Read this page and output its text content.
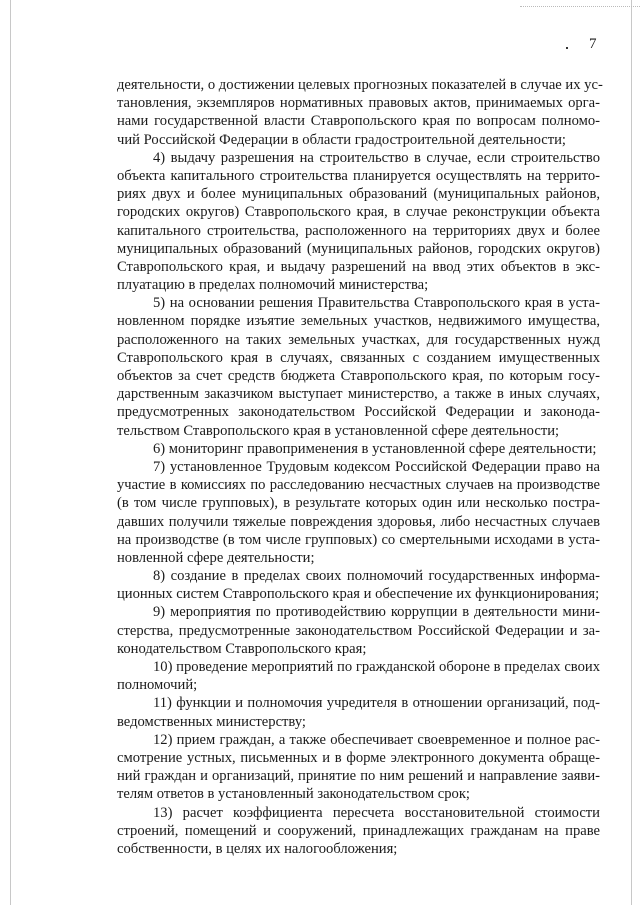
7
деятельности, о достижении целевых прогнозных показателей в случае их ус-
тановления, экземпляров нормативных правовых актов, принимаемых орга-
нами государственной власти Ставропольского края по вопросам полномо-
чий Российской Федерации в области градостроительной деятельности;
4) выдачу разрешения на строительство в случае, если строительство
объекта капитального строительства планируется осуществлять на террито-
риях двух и более муниципальных образований (муниципальных районов,
городских округов) Ставропольского края, в случае реконструкции объекта
капитального строительства, расположенного на территориях двух и более
муниципальных образований (муниципальных районов, городских округов)
Ставропольского края, и выдачу разрешений на ввод этих объектов в экс-
плуатацию в пределах полномочий министерства;
5) на основании решения Правительства Ставропольского края в уста-
новленном порядке изъятие земельных участков, недвижимого имущества,
расположенного на таких земельных участках, для государственных нужд
Ставропольского края в случаях, связанных с созданием имущественных
объектов за счет средств бюджета Ставропольского края, по которым госу-
дарственным заказчиком выступает министерство, а также в иных случаях,
предусмотренных законодательством Российской Федерации и законода-
тельством Ставропольского края в установленной сфере деятельности;
6) мониторинг правоприменения в установленной сфере деятельности;
7) установленное Трудовым кодексом Российской Федерации право на
участие в комиссиях по расследованию несчастных случаев на производстве
(в том числе групповых), в результате которых один или несколько постра-
давших получили тяжелые повреждения здоровья, либо несчастных случаев
на производстве (в том числе групповых) со смертельными исходами в уста-
новленной сфере деятельности;
8) создание в пределах своих полномочий государственных информа-
ционных систем Ставропольского края и обеспечение их функционирования;
9) мероприятия по противодействию коррупции в деятельности мини-
стерства, предусмотренные законодательством Российской Федерации и за-
конодательством Ставропольского края;
10) проведение мероприятий по гражданской обороне в пределах своих
полномочий;
11) функции и полномочия учредителя в отношении организаций, под-
ведомственных министерству;
12) прием граждан, а также обеспечивает своевременное и полное рас-
смотрение устных, письменных и в форме электронного документа обраще-
ний граждан и организаций, принятие по ним решений и направление заяви-
телям ответов в установленный законодательством срок;
13) расчет коэффициента пересчета восстановительной стоимости
строений, помещений и сооружений, принадлежащих гражданам на праве
собственности, в целях их налогообложения;
